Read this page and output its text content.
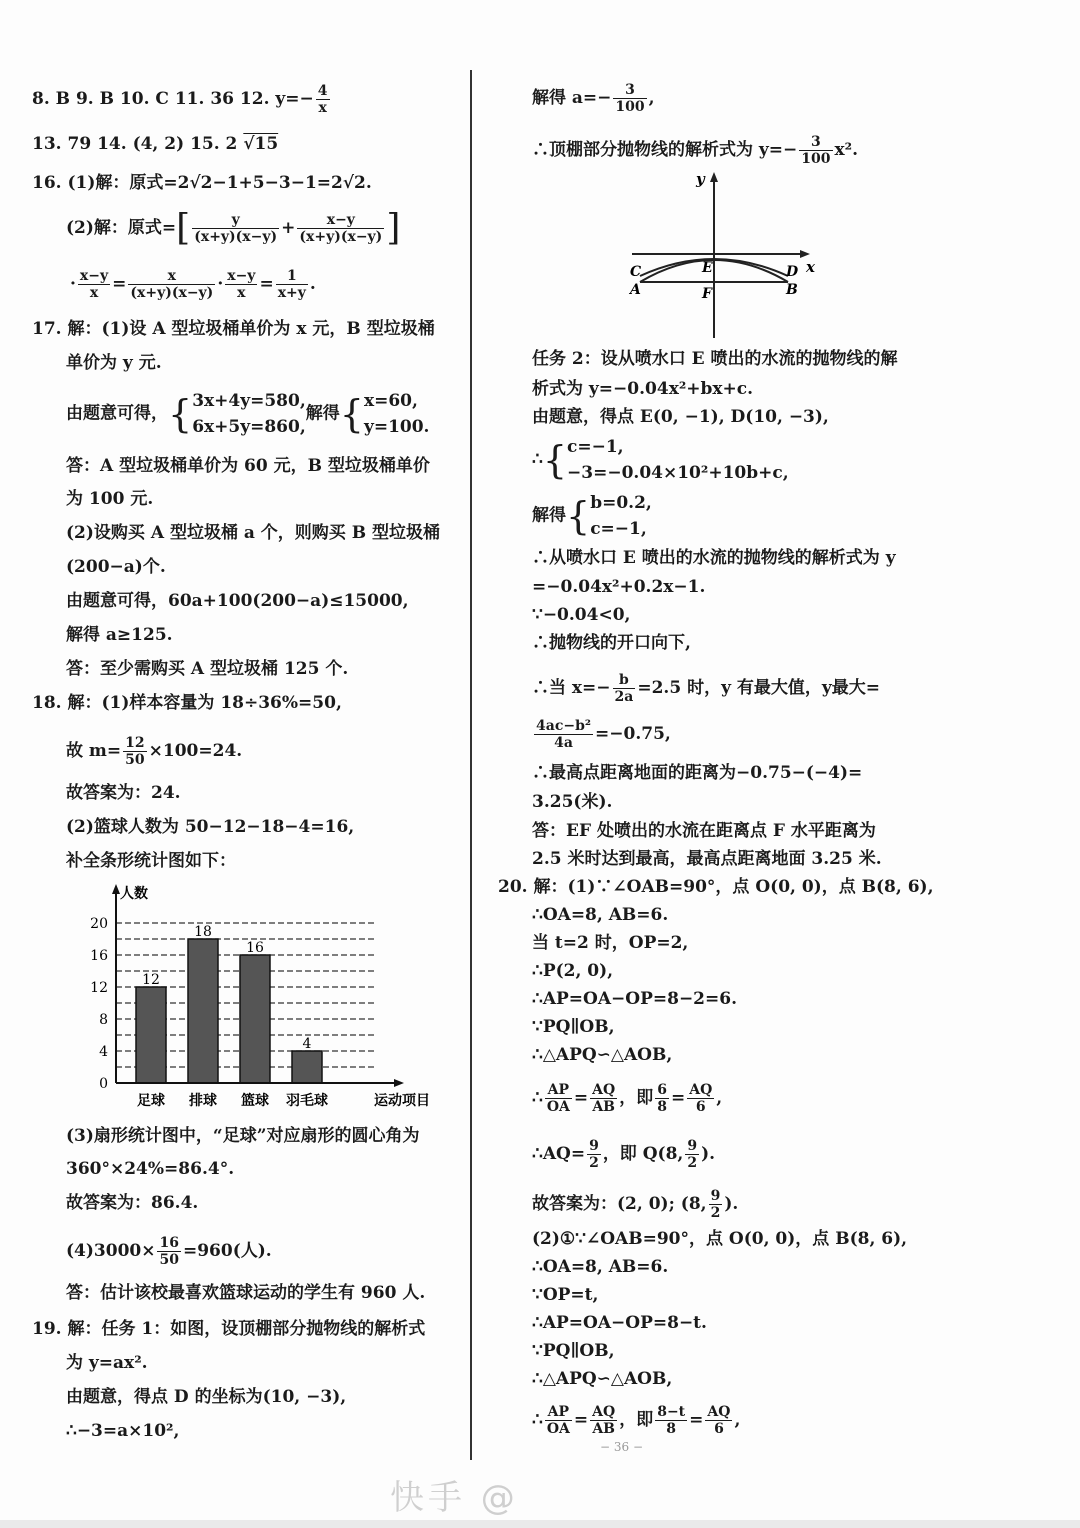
8. B 9. B 10. C 11. 36 12. $y=- \frac{4}{x}$
13. 79 14. (4, 2) 15. 2 √15
16. (1)解：原式=2√2−1+5−3−1=2√2.
(2)解：原式=[ $\frac{y}{(x+y)(x-y)} + \frac{x-y}{(x+y)(x-y)}$ ]
· $\frac{x-y}{x} = \frac{x}{(x+y)(x-y)} \cdot \frac{x-y}{x} = \frac{1}{x+y}$ .
17. 解：(1)设 A 型垃圾桶单价为 x 元，B 型垃圾桶
单价为 y 元.
由题意可得，{ 3x+4y=580,
6x+5y=860,
解得{ x=60,
y=100.
答：A 型垃圾桶单价为 60 元，B 型垃圾桶单价
为 100 元.
(2)设购买 A 型垃圾桶 a 个，则购买 B 型垃圾桶
(200−a)个.
由题意可得，60a+100(200−a)≤15000,
解得 a≥125.
答：至少需购买 A 型垃圾桶 125 个.
18. 解：(1)样本容量为 18÷36%=50,
故 $m= \frac{12}{50} \times 100=24$.
故答案为：24.
(2)篮球人数为 50−12−18−4=16,
补全条形统计图如下：
0
4
8
12
16
20
12
足球
18
排球
16
篮球
4
羽毛球
人数
运动项目
(3)扇形统计图中，“足球”对应扇形的圆心角为
360°×24%=86.4°.
故答案为：86.4.
$(4)3000\times \frac{16}{50} =960$(人).
答：估计该校最喜欢篮球运动的学生有 960 人.
19. 解：任务 1：如图，设顶棚部分抛物线的解析式
为 y=ax².
由题意，得点 D 的坐标为(10, −3),
∴−3=a×10²,
解得 $a=- \frac{3}{100}$ ,
∴顶棚部分抛物线的解析式为 $y=- \frac{3}{100} x^2$.
y
x
C	E	D
A	F	B
任务 2：设从喷水口 E 喷出的水流的抛物线的解
析式为 y=−0.04x²+bx+c.
由题意，得点 E(0, −1), D(10, −3),
∴{ c=−1,
−3=−0.04×10²+10b+c,
解得{ b=0.2,
c=−1,
∴从喷水口 E 喷出的水流的抛物线的解析式为 y
=−0.04x²+0.2x−1.
∵−0.04<0,
∴抛物线的开口向下,
∴当 $x=- \frac{b}{2a} =2.5$ 时，y 有最大值，y最大=
$\frac{\text{4ac−b²}}{4a} =-0.75$,
∴最高点距离地面的距离为−0.75−(−4)=
3.25(米).
答：EF 处喷出的水流在距离点 F 水平距离为
2.5 米时达到最高，最高点距离地面 3.25 米.
20. 解：(1)∵∠OAB=90°，点 O(0, 0)，点 B(8, 6),
∴OA=8, AB=6.
当 t=2 时，OP=2,
∴P(2, 0),
∴AP=OA−OP=8−2=6.
∵PQ∥OB,
∴△APQ∽△AOB,
∴ $\frac{AP}{OA} = \frac{AQ}{AB}$ ，即 $\frac{6}{8} = \frac{AQ}{6}$ ,
∴AQ= $\frac{9}{2}$ ，即 Q(8, $\frac{9}{2}$ ).
故答案为：(2, 0); (8, $\frac{9}{2}$ ).
(2)①∵∠OAB=90°，点 O(0, 0)，点 B(8, 6),
∴OA=8, AB=6.
∵OP=t,
∴AP=OA−OP=8−t.
∵PQ∥OB,
∴△APQ∽△AOB,
∴ $\frac{AP}{OA} = \frac{AQ}{AB}$ ，即 $\frac{8-t}{8} = \frac{AQ}{6}$ ,
− 36 −
快手 @
